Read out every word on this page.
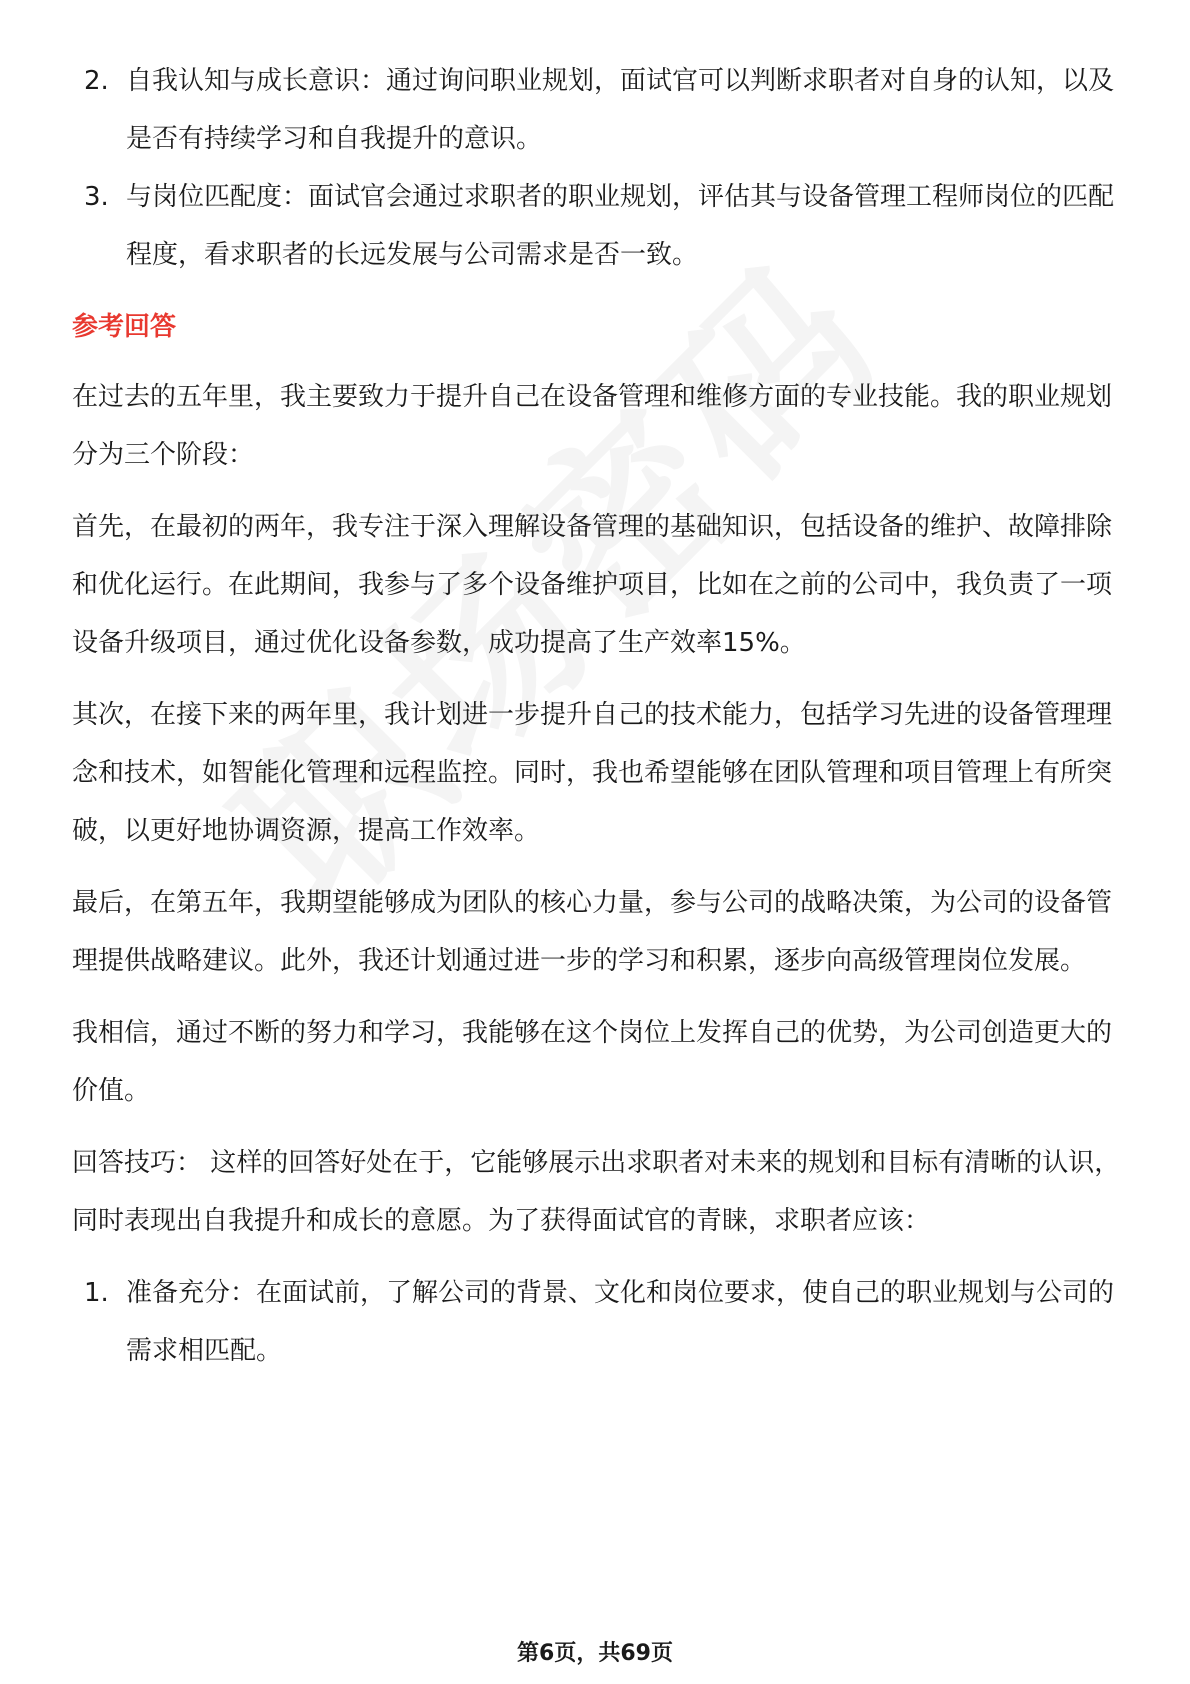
2. 自我认知与成长意识：通过询问职业规划，面试官可以判断求职者对自身的认知，以及是否有持续学习和自我提升的意识。
3. 与岗位匹配度：面试官会通过求职者的职业规划，评估其与设备管理工程师岗位的匹配程度，看求职者的长远发展与公司需求是否一致。
参考回答

在过去的五年里，我主要致力于提升自己在设备管理和维修方面的专业技能。我的职业规划分为三个阶段：

首先，在最初的两年，我专注于深入理解设备管理的基础知识，包括设备的维护、故障排除和优化运行。在此期间，我参与了多个设备维护项目，比如在之前的公司中，我负责了一项设备升级项目，通过优化设备参数，成功提高了生产效率15%。

其次，在接下来的两年里，我计划进一步提升自己的技术能力，包括学习先进的设备管理理念和技术，如智能化管理和远程监控。同时，我也希望能够在团队管理和项目管理上有所突破，以更好地协调资源，提高工作效率。

最后，在第五年，我期望能够成为团队的核心力量，参与公司的战略决策，为公司的设备管理提供战略建议。此外，我还计划通过进一步的学习和积累，逐步向高级管理岗位发展。

我相信，通过不断的努力和学习，我能够在这个岗位上发挥自己的优势，为公司创造更大的价值。

回答技巧： 这样的回答好处在于，它能够展示出求职者对未来的规划和目标有清晰的认识，同时表现出自我提升和成长的意愿。为了获得面试官的青睐，求职者应该：

1. 准备充分：在面试前，了解公司的背景、文化和岗位要求，使自己的职业规划与公司的需求相匹配。
第6页，共69页
